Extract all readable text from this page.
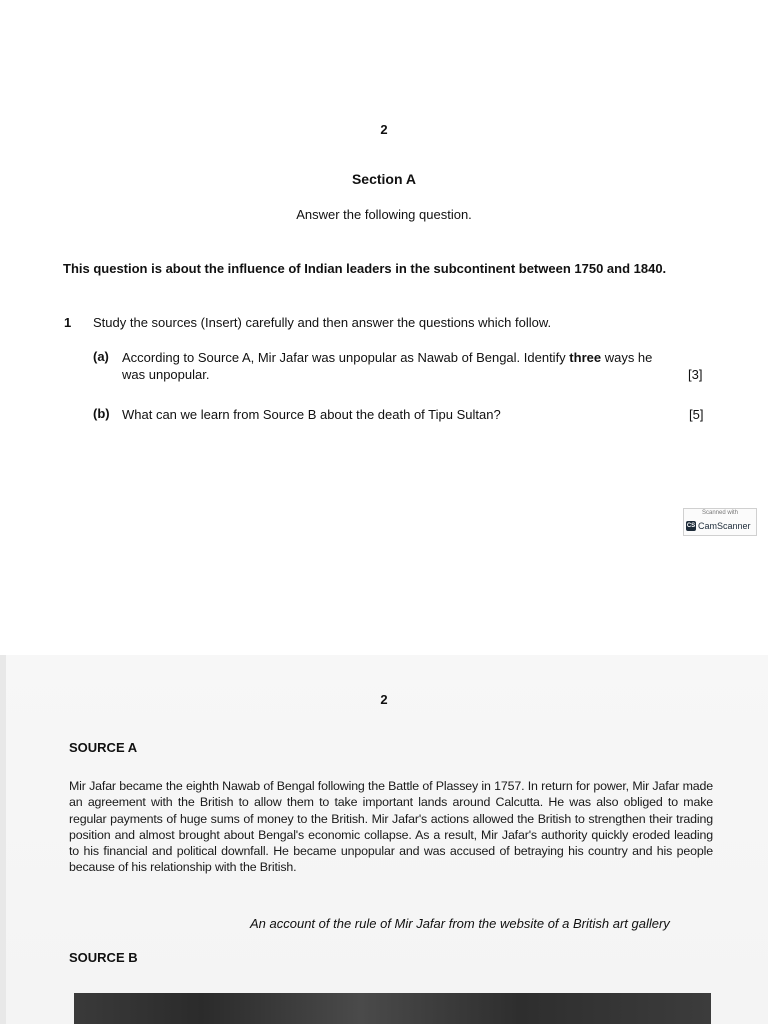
2
Section A
Answer the following question.
This question is about the influence of Indian leaders in the subcontinent between 1750 and 1840.
1 Study the sources (Insert) carefully and then answer the questions which follow.
(a) According to Source A, Mir Jafar was unpopular as Nawab of Bengal. Identify three ways he
was unpopular.	[3]
(b) What can we learn from Source B about the death of Tipu Sultan?	[5]
Scanned with
CS CamScanner
2
SOURCE A
Mir Jafar became the eighth Nawab of Bengal following the Battle of Plassey in 1757. In return for power, Mir Jafar made an agreement with the British to allow them to take important lands around Calcutta. He was also obliged to make regular payments of huge sums of money to the British. Mir Jafar's actions allowed the British to strengthen their trading position and almost brought about Bengal's economic collapse. As a result, Mir Jafar's authority quickly eroded leading to his financial and political downfall. He became unpopular and was accused of betraying his country and his people because of his relationship with the British.
An account of the rule of Mir Jafar from the website of a British art gallery
SOURCE B
